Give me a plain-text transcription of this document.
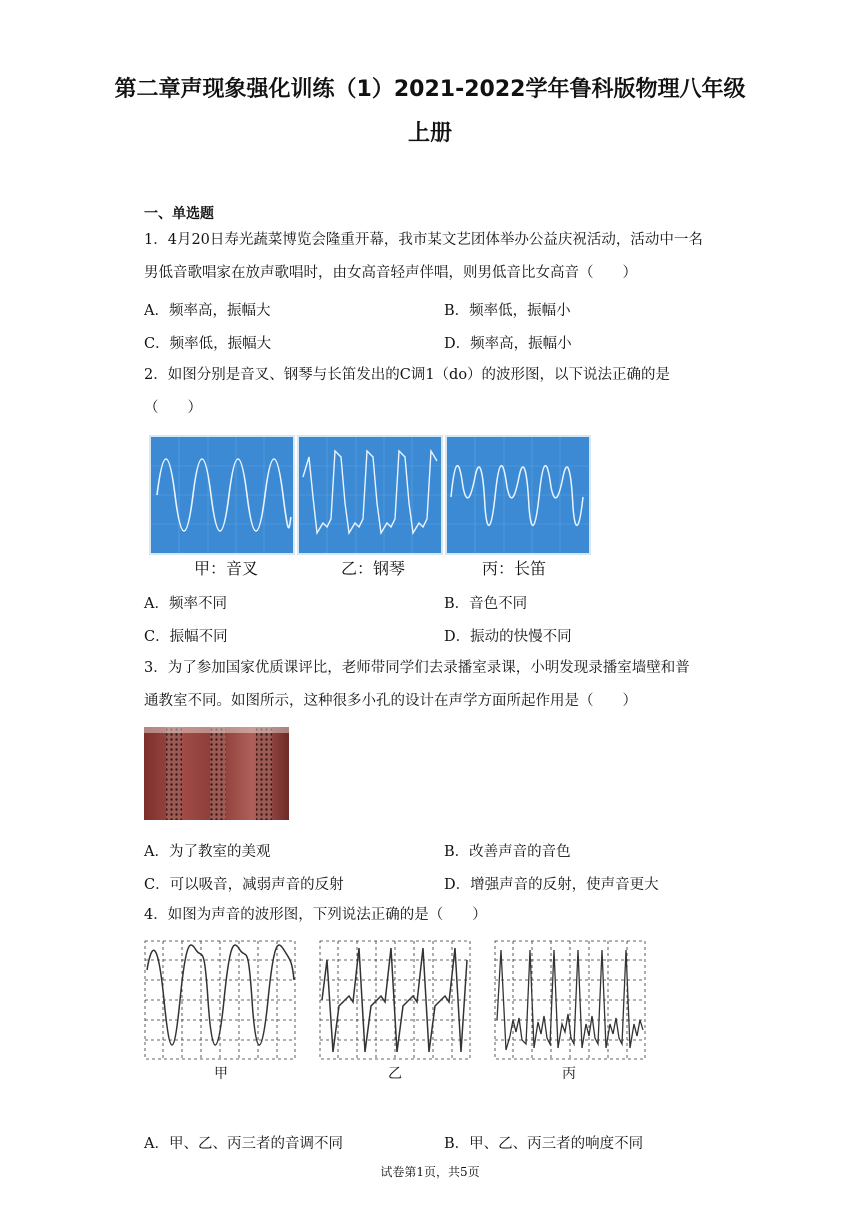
第二章声现象强化训练（1）2021-2022学年鲁科版物理八年级上册
一、单选题
1．4月20日寿光蔬菜博览会隆重开幕，我市某文艺团体举办公益庆祝活动，活动中一名男低音歌唱家在放声歌唱时，由女高音轻声伴唱，则男低音比女高音（　　）
A．频率高，振幅大	B．频率低，振幅小
C．频率低，振幅大	D．频率高，振幅小
2．如图分别是音叉、钢琴与长笛发出的C调1（do）的波形图，以下说法正确的是（　　）
甲：音叉	乙：钢琴	丙：长笛
A．频率不同	B．音色不同
C．振幅不同	D．振动的快慢不同
3．为了参加国家优质课评比，老师带同学们去录播室录课，小明发现录播室墙壁和普通教室不同。如图所示，这种很多小孔的设计在声学方面所起作用是（　　）
A．为了教室的美观	B．改善声音的音色
C．可以吸音，减弱声音的反射	D．增强声音的反射，使声音更大
4．如图为声音的波形图，下列说法正确的是（　　）
甲	乙	丙
A．甲、乙、丙三者的音调不同	B．甲、乙、丙三者的响度不同
试卷第1页，共5页
